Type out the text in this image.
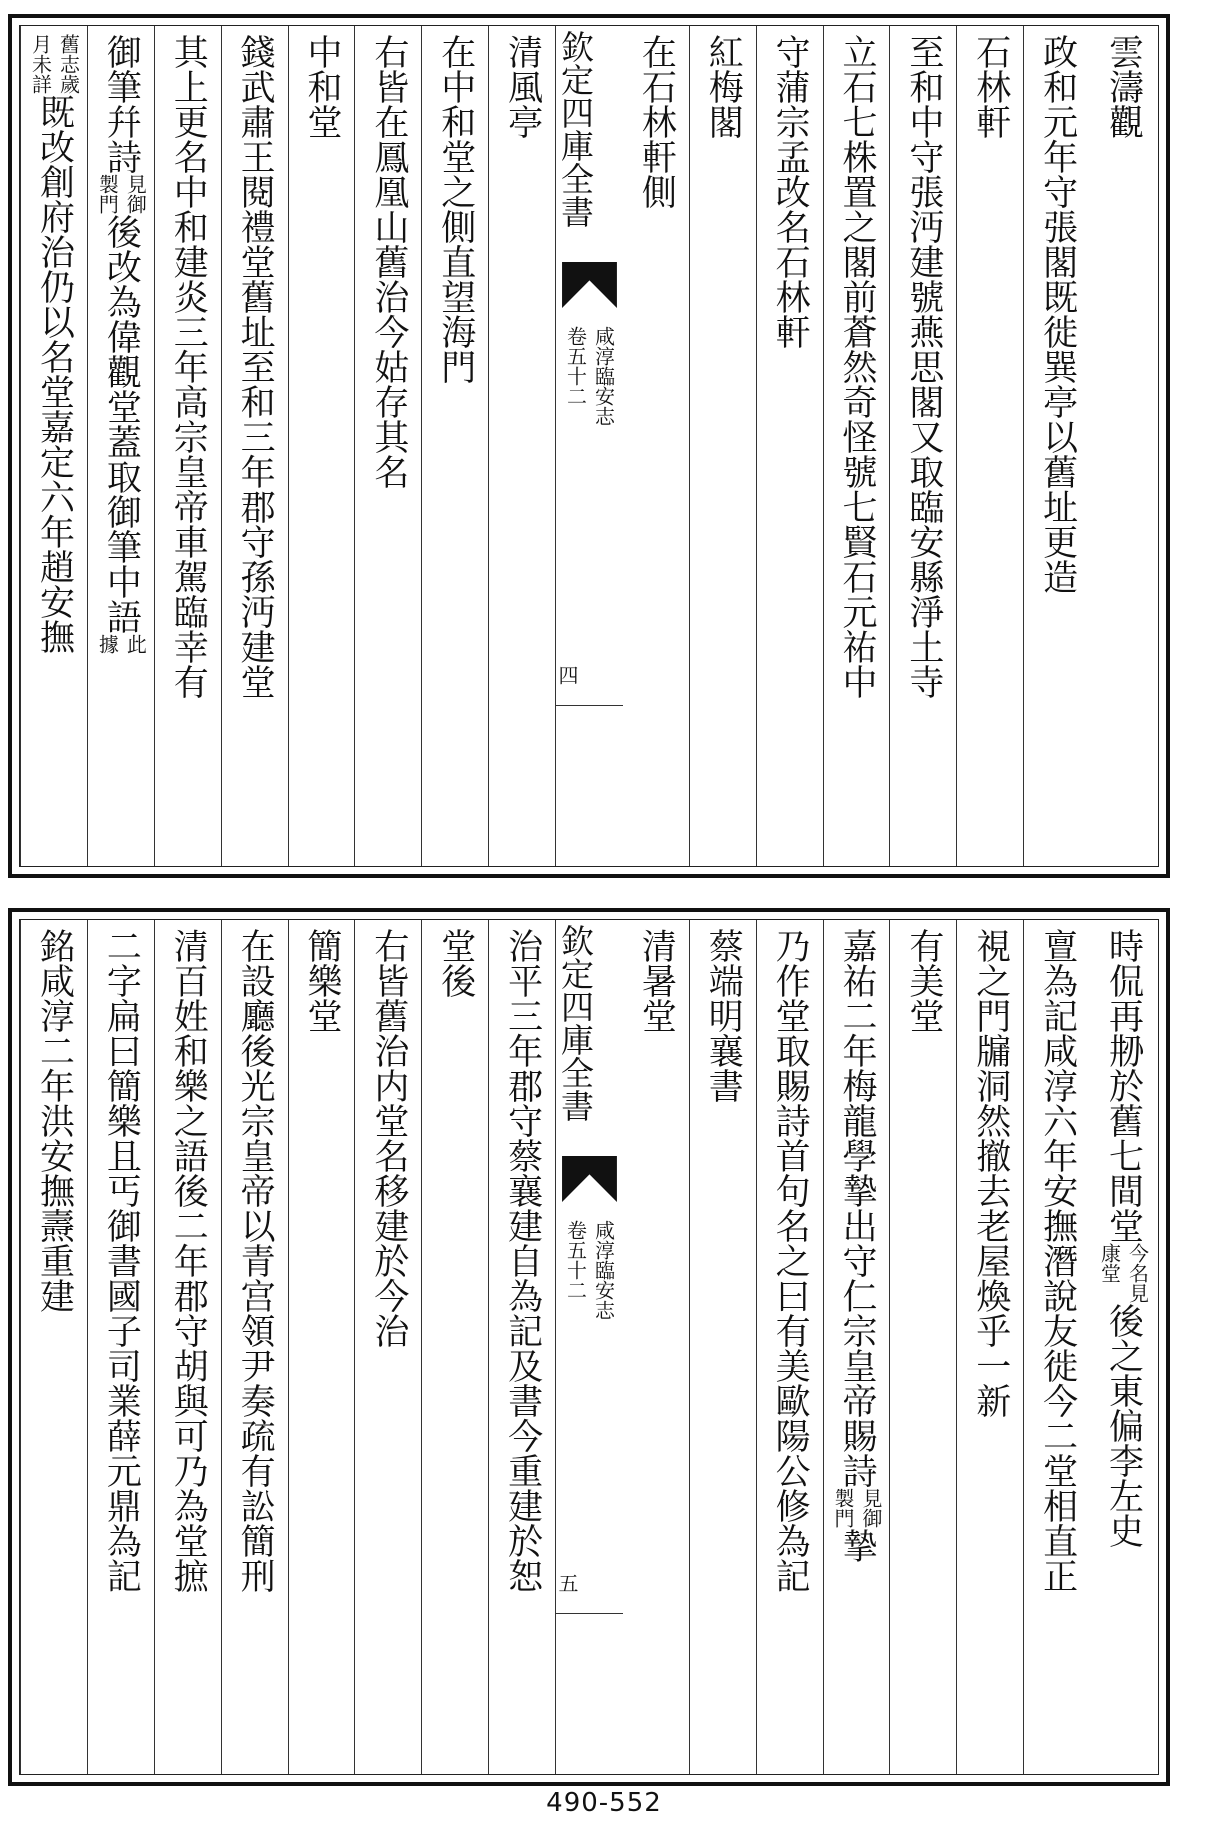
雲濤觀
政和元年守張閣既徙巽亭以舊址更造
石林軒
至和中守張沔建號燕思閣又取臨安縣淨土寺
立石七株置之閣前蒼然奇怪號七賢石元祐中
守蒲宗孟改名石林軒
紅梅閣
在石林軒側
欽定四庫全書
咸淳臨安志
卷五十二
四
清風亭
在中和堂之側直望海門
右皆在鳳凰山舊治今姑存其名
中和堂
錢武肅王閱禮堂舊址至和三年郡守孫沔建堂
其上更名中和建炎三年高宗皇帝車駕臨幸有
御筆幷詩
見御
製門
後改為偉觀堂蓋取御筆中語
此
據
舊志歲
月未詳
既改創府治仍以名堂嘉定六年趙安撫
時侃再刱於舊七間堂
今名見
康堂
後之東偏李左史
亶為記咸淳六年安撫潛說友徙今二堂相直正
視之門牖洞然撤去老屋煥乎一新
有美堂
嘉祐二年梅龍學摯出守仁宗皇帝賜詩
見御
製門
摯
乃作堂取賜詩首句名之曰有美歐陽公修為記
蔡端明襄書
清暑堂
欽定四庫全書
咸淳臨安志
卷五十二
五
治平三年郡守蔡襄建自為記及書今重建於恕
堂後
右皆舊治内堂名移建於今治
簡樂堂
在設廳後光宗皇帝以青宫領尹奏疏有訟簡刑
清百姓和樂之語後二年郡守胡與可乃為堂摭
二字扁曰簡樂且丐御書國子司業薛元鼎為記
銘咸淳二年洪安撫燾重建
490-552
